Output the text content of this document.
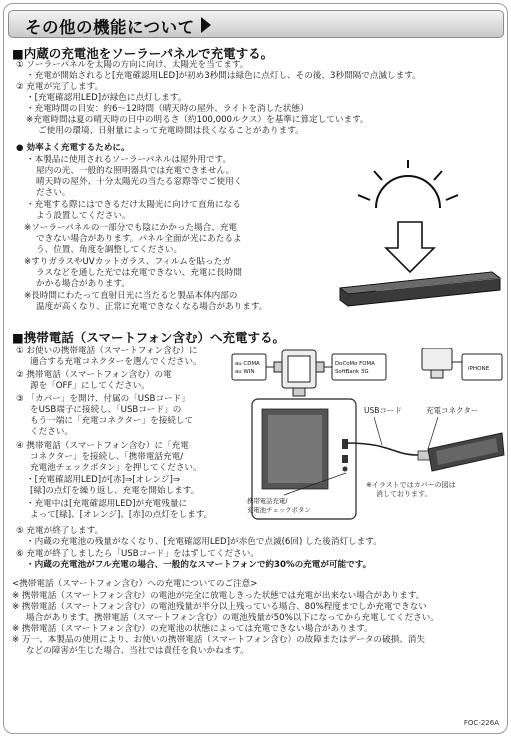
その他の機能について
■内蔵の充電池をソーラーパネルで充電する。
① ソーラーパネルを太陽の方向に向け、太陽光を当てます。
・充電が開始されると[充電確認用LED]が初め3秒間は緑色に点灯し、その後、3秒間隔で点滅します。
② 充電が完了します。
・[充電確認用LED]が緑色に点灯します。
・充電時間の目安：約6〜12時間（晴天時の屋外、ライトを消した状態）
※充電時間は夏の晴天時の日中の明るさ（約100,000ルクス）を基準に算定しています。
ご使用の環境、日射量によって充電時間は長くなることがあります。
● 効率よく充電するために。
・本製品に使用されるソーラーパネルは屋外用です。
屋内の光、一般的な照明器具では充電できません。
晴天時の屋外、十分太陽光の当たる窓際等でご使用く
ださい。
・充電する際にはできるだけ太陽光に向けて直角になる
よう設置してください。
※ソーラーパネルの一部分でも陰にかかった場合、充電
できない場合があります。パネル全面が光にあたるよ
う、位置、角度を調整してください。
※すりガラスやUVカットガラス、フィルムを貼ったガ
ラスなどを通した光では充電できない、充電に長時間
かかる場合があります。
※長時間にわたって直射日光に当たると製品本体内部の
温度が高くなり、正常に充電できなくなる場合があります。
■携帯電話（スマートフォン含む）へ充電する。
① お使いの携帯電話（スマートフォン含む）に
適合する充電コネクターを選んでください。
② 携帯電話（スマートフォン含む）の電
源を「OFF」にしてください。
③ 「カバー」を開け、付属の「USBコード」
をUSB端子に接続し、「USBコード」の
もう一端に「充電コネクター」を接続して
ください。
④ 携帯電話（スマートフォン含む）に「充電
コネクター」を接続し、「携帯電話充電/
充電池チェックボタン」を押してください。
・[充電確認用LED]が[赤]⇒[オレンジ]⇒
[緑]の点灯を繰り返し、充電を開始します。
・充電中は[充電確認用LED]が充電残量に
よって[緑]、[オレンジ]、[赤]の点灯をします。
au CDMA
au WIN
DoCoMo FOMA
SoftBank 3G	iPHONE
USBコード	充電コネクター
携帯電話充電/
充電池チェックボタン
※イラストではカバーの図は
消しております。
⑤ 充電が終了します。
・内蔵の充電池の残量がなくなり、[充電確認用LED]が赤色で点滅(6回) した後消灯します。
⑥ 充電が終了しましたら「USBコード」をはずしてください。
・内蔵の充電池がフル充電の場合、一般的なスマートフォンで約30%の充電が可能です。
<携帯電話（スマートフォン含む）への充電についてのご注意>
※ 携帯電話（スマートフォン含む）の電池が完全に放電しきった状態では充電が出来ない場合があります。
※ 携帯電話（スマートフォン含む）の電池残量が半分以上残っている場合、80%程度までしか充電できない
場合があります。携帯電話（スマートフォン含む）の電池残量が50%以下になってから充電してください。
※ 携帯電話（スマートフォン含む）の充電池の状態によっては充電できない場合があります。
※ 万一、本製品の使用により、お使いの携帯電話（スマートフォン含む）の故障またはデータの破損、消失
などの障害が生じた場合、当社では責任を負いかねます。
FOC-226A
